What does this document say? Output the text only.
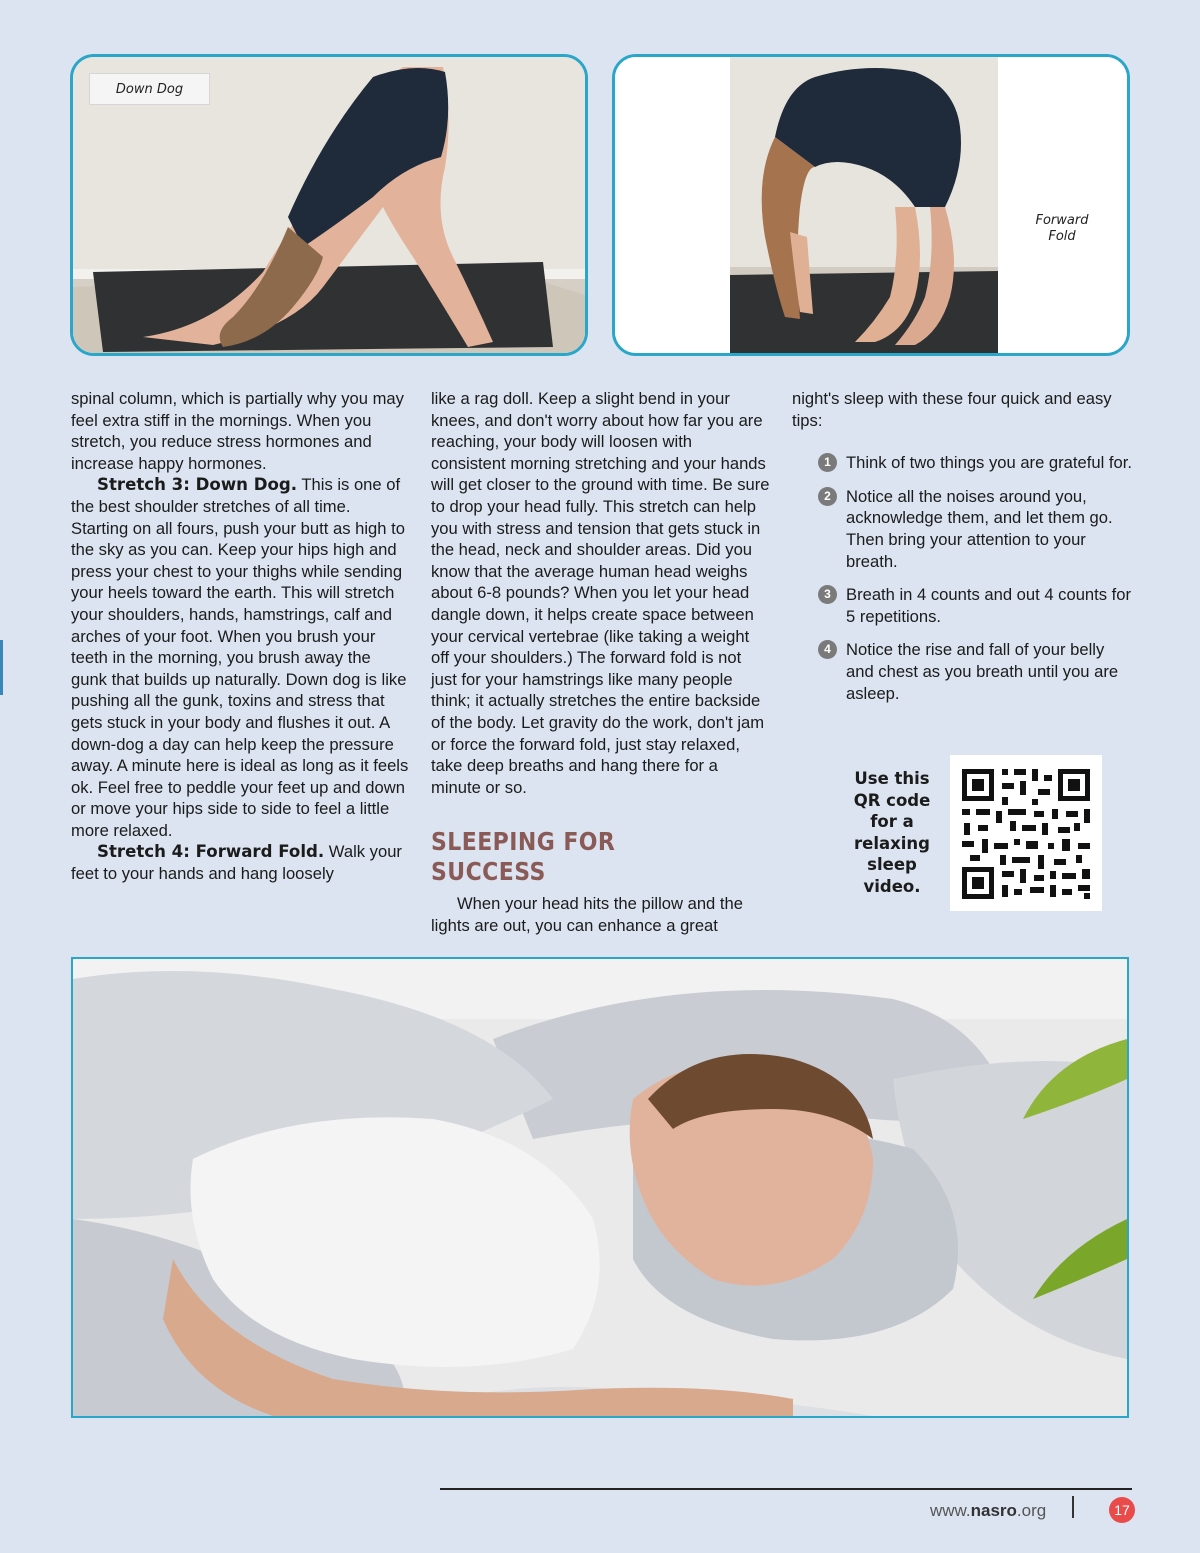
Down Dog
Forward
Fold

spinal column, which is partially why you may feel extra stiff in the mornings. When you stretch, you reduce stress hormones and increase happy hormones.

Stretch 3: Down Dog. This is one of the best shoulder stretches of all time. Starting on all fours, push your butt as high to the sky as you can. Keep your hips high and press your chest to your thighs while sending your heels toward the earth. This will stretch your shoulders, hands, hamstrings, calf and arches of your foot. When you brush your teeth in the morning, you brush away the gunk that builds up naturally. Down dog is like pushing all the gunk, toxins and stress that gets stuck in your body and flushes it out. A down-dog a day can help keep the pressure away. A minute here is ideal as long as it feels ok. Feel free to peddle your feet up and down or move your hips side to side to feel a little more relaxed.

Stretch 4: Forward Fold. Walk your feet to your hands and hang loosely

like a rag doll. Keep a slight bend in your knees, and don't worry about how far you are reaching, your body will loosen with consistent morning stretching and your hands will get closer to the ground with time. Be sure to drop your head fully. This stretch can help you with stress and tension that gets stuck in the head, neck and shoulder areas. Did you know that the average human head weighs about 6-8 pounds? When you let your head dangle down, it helps create space between your cervical vertebrae (like taking a weight off your shoulders.) The forward fold is not just for your hamstrings like many people think; it actually stretches the entire backside of the body. Let gravity do the work, don't jam or force the forward fold, just stay relaxed, take deep breaths and hang there for a minute or so.

SLEEPING FOR SUCCESS

When your head hits the pillow and the lights are out, you can enhance a great

night's sleep with these four quick and easy tips:

1 Think of two things you are grateful for.
2 Notice all the noises around you, acknowledge them, and let them go. Then bring your attention to your breath.
3 Breath in 4 counts and out 4 counts for 5 repetitions.
4 Notice the rise and fall of your belly and chest as you breath until you are asleep.
Use this QR code for a relaxing sleep video.
www.nasro.org	17
